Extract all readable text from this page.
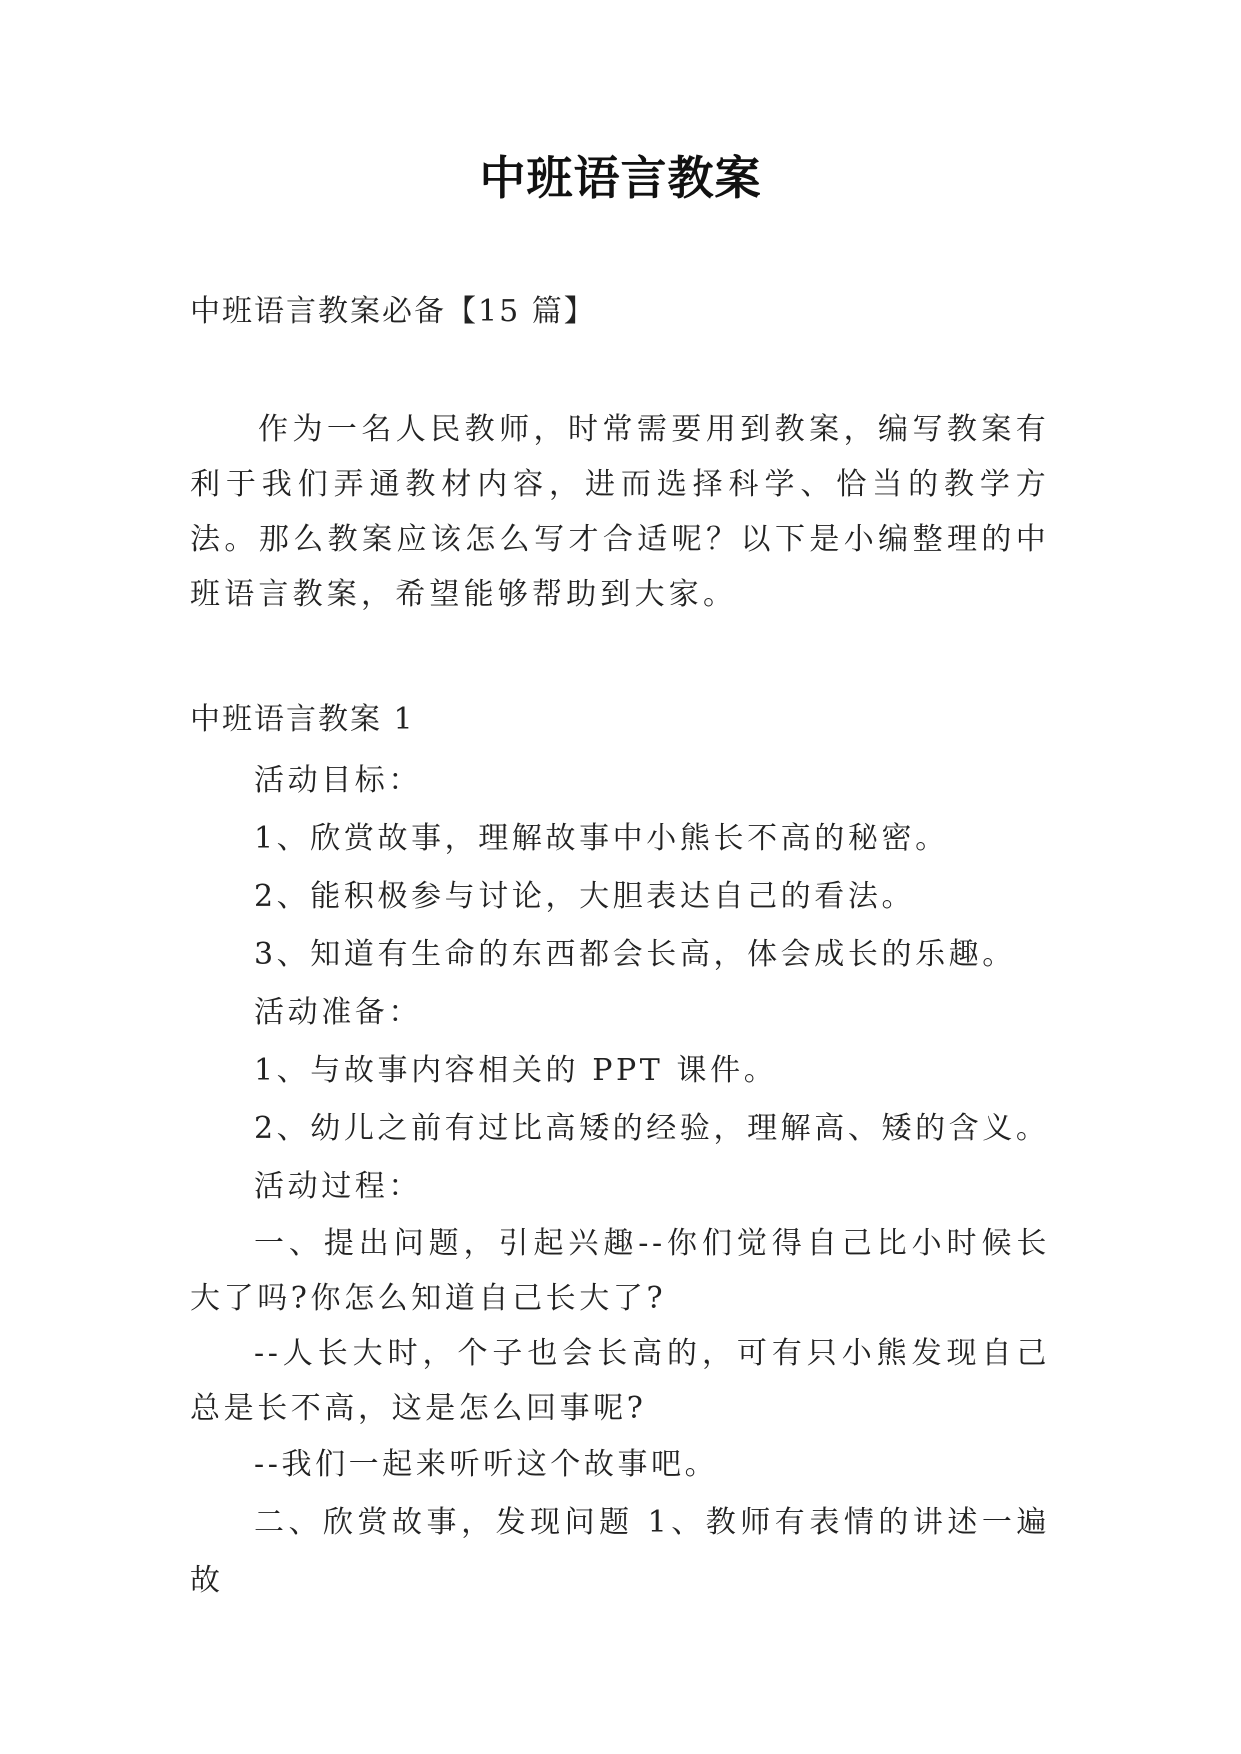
中班语言教案
中班语言教案必备【15 篇】
作为一名人民教师，时常需要用到教案，编写教案有利于我们弄通教材内容，进而选择科学、恰当的教学方法。那么教案应该怎么写才合适呢？以下是小编整理的中班语言教案，希望能够帮助到大家。
中班语言教案 1

活动目标：

1、欣赏故事，理解故事中小熊长不高的秘密。

2、能积极参与讨论，大胆表达自己的看法。

3、知道有生命的东西都会长高，体会成长的乐趣。

活动准备：

1、与故事内容相关的 PPT 课件。

2、幼儿之前有过比高矮的经验，理解高、矮的含义。

活动过程：

一、提出问题，引起兴趣--你们觉得自己比小时候长大了吗?你怎么知道自己长大了?

--人长大时，个子也会长高的，可有只小熊发现自己总是长不高，这是怎么回事呢?

--我们一起来听听这个故事吧。

二、欣赏故事，发现问题 1、教师有表情的讲述一遍故
